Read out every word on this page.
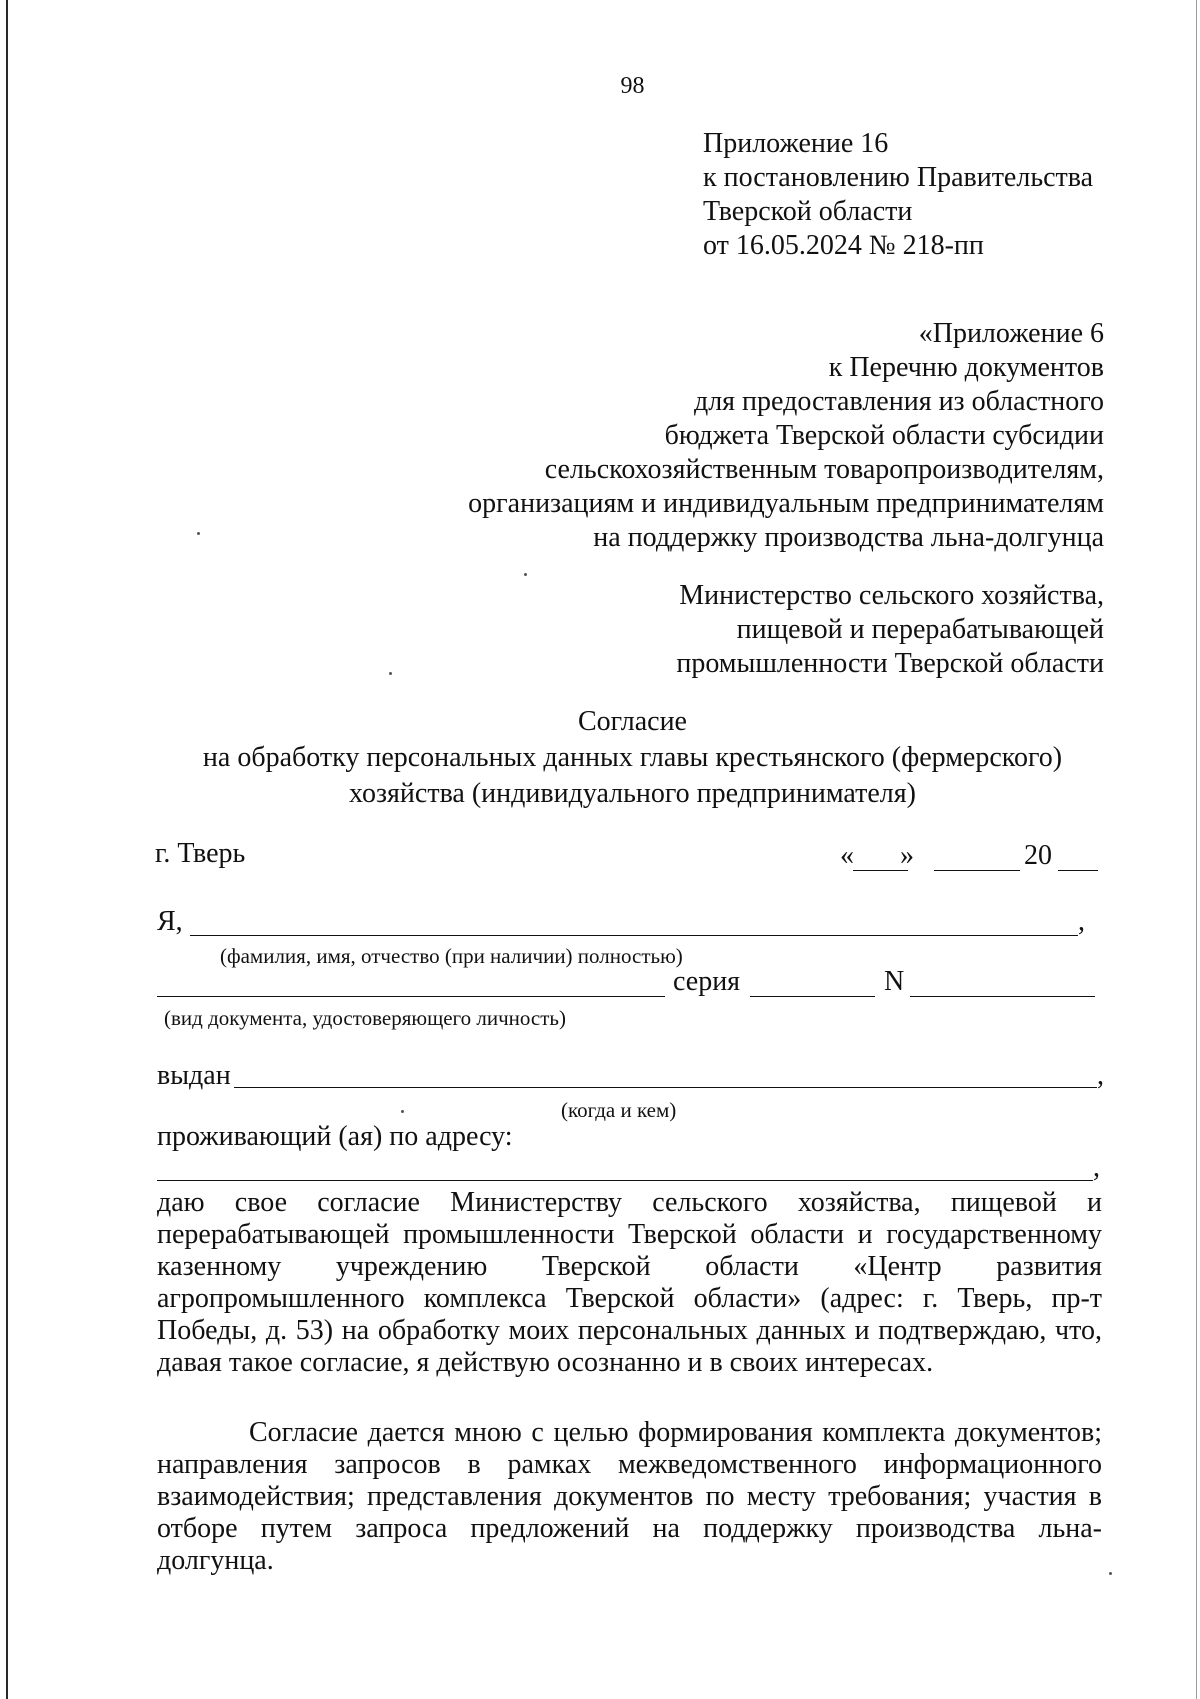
98
Приложение 16
к постановлению Правительства
Тверской области
от 16.05.2024 № 218-пп
«Приложение 6
к Перечню документов
для предоставления из областного
бюджета Тверской области субсидии
сельскохозяйственным товаропроизводителям,
организациям и индивидуальным предпринимателям
на поддержку производства льна-долгунца
Министерство сельского хозяйства,
пищевой и перерабатывающей
промышленности Тверской области
Согласие
на обработку персональных данных главы крестьянского (фермерского)
хозяйства (индивидуального предпринимателя)
г. Тверь	« »	20
Я,	,
(фамилия, имя, отчество (при наличии) полностью)
серия	N
(вид документа, удостоверяющего личность)
выдан	,
(когда и кем)
проживающий (ая) по адресу:
,
даю свое согласие Министерству сельского хозяйства, пищевой и перерабатывающей промышленности Тверской области и государственному казенному учреждению Тверской области «Центр развития агропромышленного комплекса Тверской области» (адрес: г. Тверь, пр-т Победы, д. 53) на обработку моих персональных данных и подтверждаю, что, давая такое согласие, я действую осознанно и в своих интересах.
Согласие дается мною с целью формирования комплекта документов; направления запросов в рамках межведомственного информационного взаимодействия; представления документов по месту требования; участия в отборе путем запроса предложений на поддержку производства льна-долгунца.
